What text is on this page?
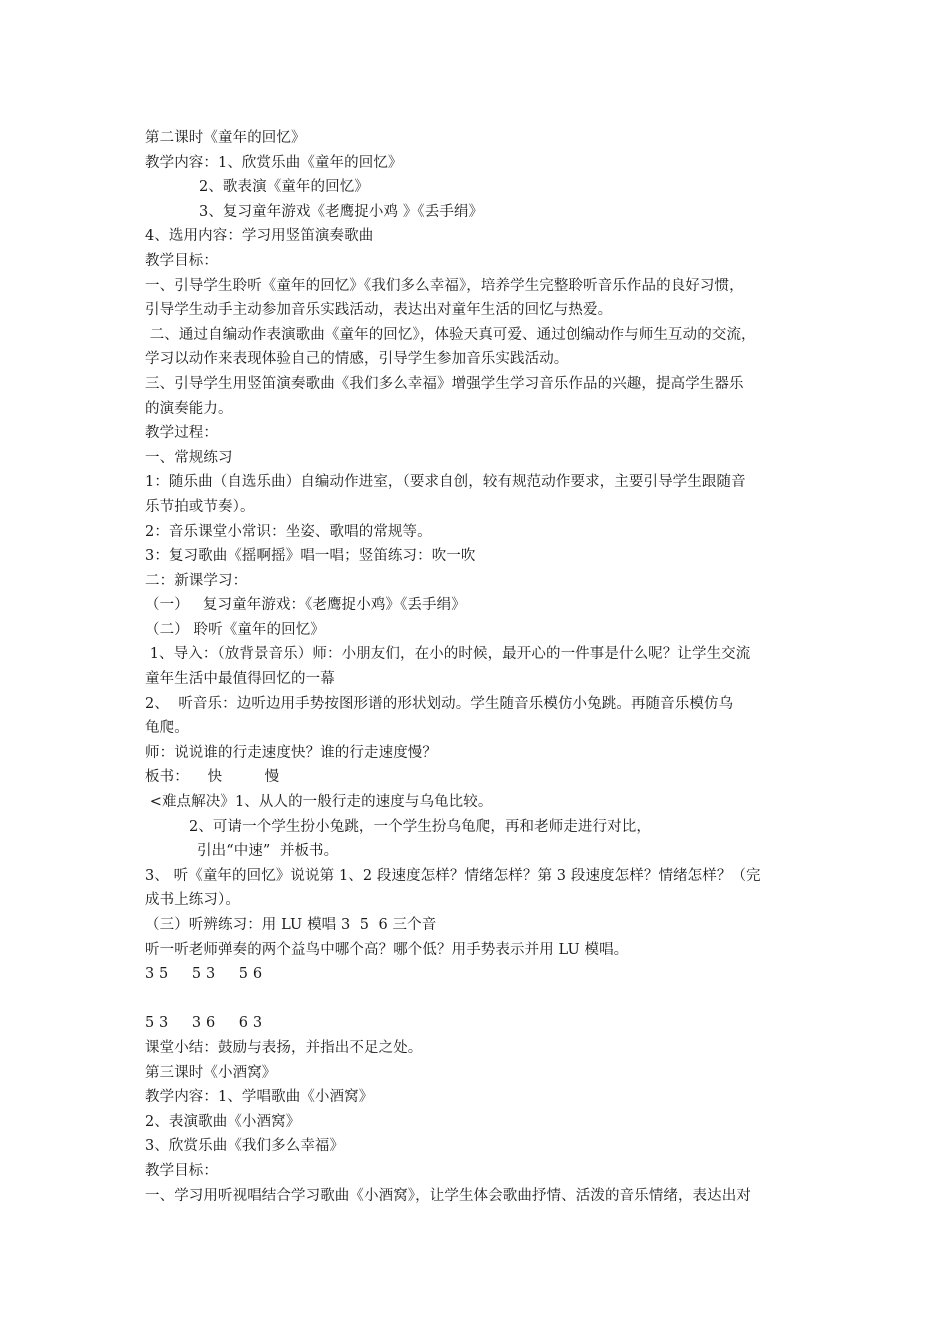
第二课时《童年的回忆》
教学内容：1、欣赏乐曲《童年的回忆》
2、歌表演《童年的回忆》
3、复习童年游戏《老鹰捉小鸡 》《丢手绢》
4、选用内容：学习用竖笛演奏歌曲
教学目标：
一、引导学生聆听《童年的回忆》《我们多么幸福》，培养学生完整聆听音乐作品的良好习惯，
引导学生动手主动参加音乐实践活动，表达出对童年生活的回忆与热爱。
二、通过自编动作表演歌曲《童年的回忆》，体验天真可爱、通过创编动作与师生互动的交流，
学习以动作来表现体验自己的情感，引导学生参加音乐实践活动。
三、引导学生用竖笛演奏歌曲《我们多么幸福》增强学生学习音乐作品的兴趣，提高学生器乐
的演奏能力。
教学过程：
一、常规练习
1：随乐曲（自选乐曲）自编动作进室，（要求自创，较有规范动作要求，主要引导学生跟随音
乐节拍或节奏）。
2：音乐课堂小常识：坐姿、歌唱的常规等。
3：复习歌曲《摇啊摇》唱一唱；竖笛练习：吹一吹
二：新课学习：
（一）   复习童年游戏：《老鹰捉小鸡》《丢手绢》
（二） 聆听《童年的回忆》
1、导入：（放背景音乐）师：小朋友们，在小的时候，最开心的一件事是什么呢？让学生交流
童年生活中最值得回忆的一幕
2、  听音乐：边听边用手势按图形谱的形状划动。学生随音乐模仿小兔跳。再随音乐模仿乌
龟爬。
师：说说谁的行走速度快？谁的行走速度慢？
板书：    快         慢
<难点解决》1、从人的一般行走的速度与乌龟比较。
2、可请一个学生扮小兔跳，一个学生扮乌龟爬，再和老师走进行对比，
引出“中速”  并板书。
3、 听《童年的回忆》说说第 1、2 段速度怎样？情绪怎样？第 3 段速度怎样？情绪怎样？（完
成书上练习）。
（三）听辨练习：用 LU 模唱 3  5  6 三个音
听一听老师弹奏的两个益鸟中哪个高？哪个低？用手势表示并用 LU 模唱。
3 5     5 3     5 6
5 3     3 6     6 3
课堂小结：鼓励与表扬，并指出不足之处。
第三课时《小酒窝》
教学内容：1、学唱歌曲《小酒窝》
2、表演歌曲《小酒窝》
3、欣赏乐曲《我们多么幸福》
教学目标：
一、学习用听视唱结合学习歌曲《小酒窝》，让学生体会歌曲抒情、活泼的音乐情绪，表达出对
